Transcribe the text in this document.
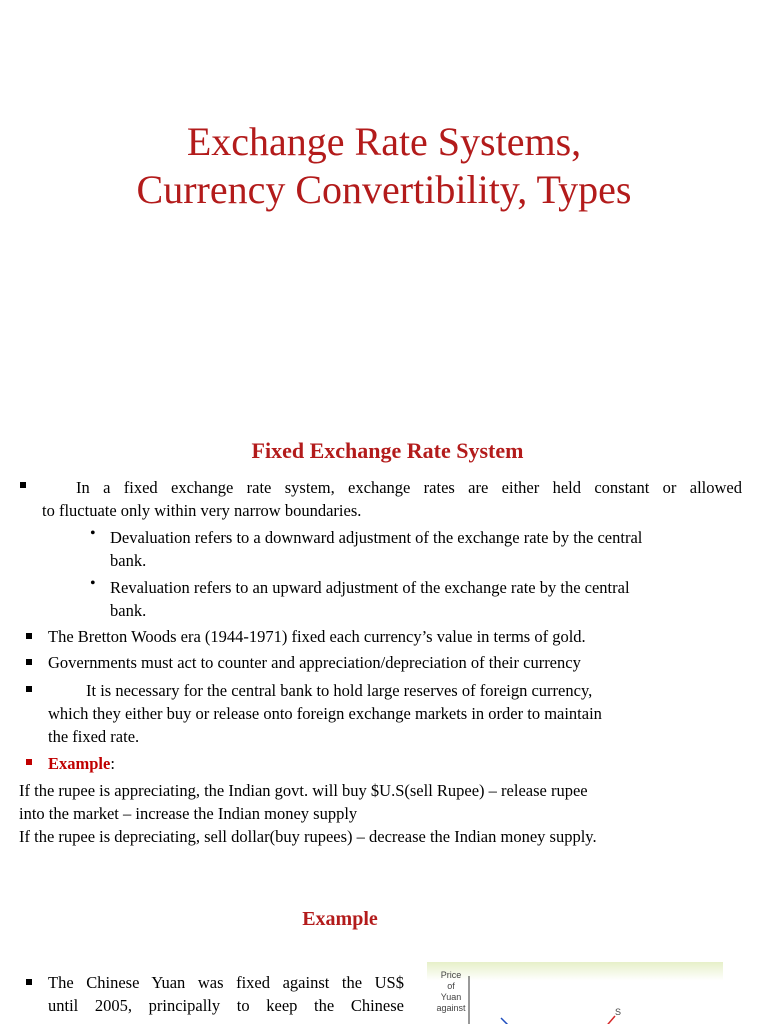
Exchange Rate Systems,
Currency Convertibility, Types
Fixed Exchange Rate System
In a fixed exchange rate system, exchange rates are either held constant or allowed
to fluctuate only within very narrow boundaries.
• Devaluation refers to a downward adjustment of the exchange rate by the central
bank.
• Revaluation refers to an upward adjustment of the exchange rate by the central
bank.
The Bretton Woods era (1944-1971) fixed each currency’s value in terms of gold.
Governments must act to counter and appreciation/depreciation of their currency
It is necessary for the central bank to hold large reserves of foreign currency,
which they either buy or release onto foreign exchange markets in order to maintain
the fixed rate.
Example:
If the rupee is appreciating, the Indian govt. will buy $U.S(sell Rupee) – release rupee
into the market – increase the Indian money supply
If the rupee is depreciating, sell dollar(buy rupees) – decrease the Indian money supply.
Example
The Chinese Yuan was fixed against the US$
until 2005, principally to keep the Chinese
Price
of
Yuan
against	S
